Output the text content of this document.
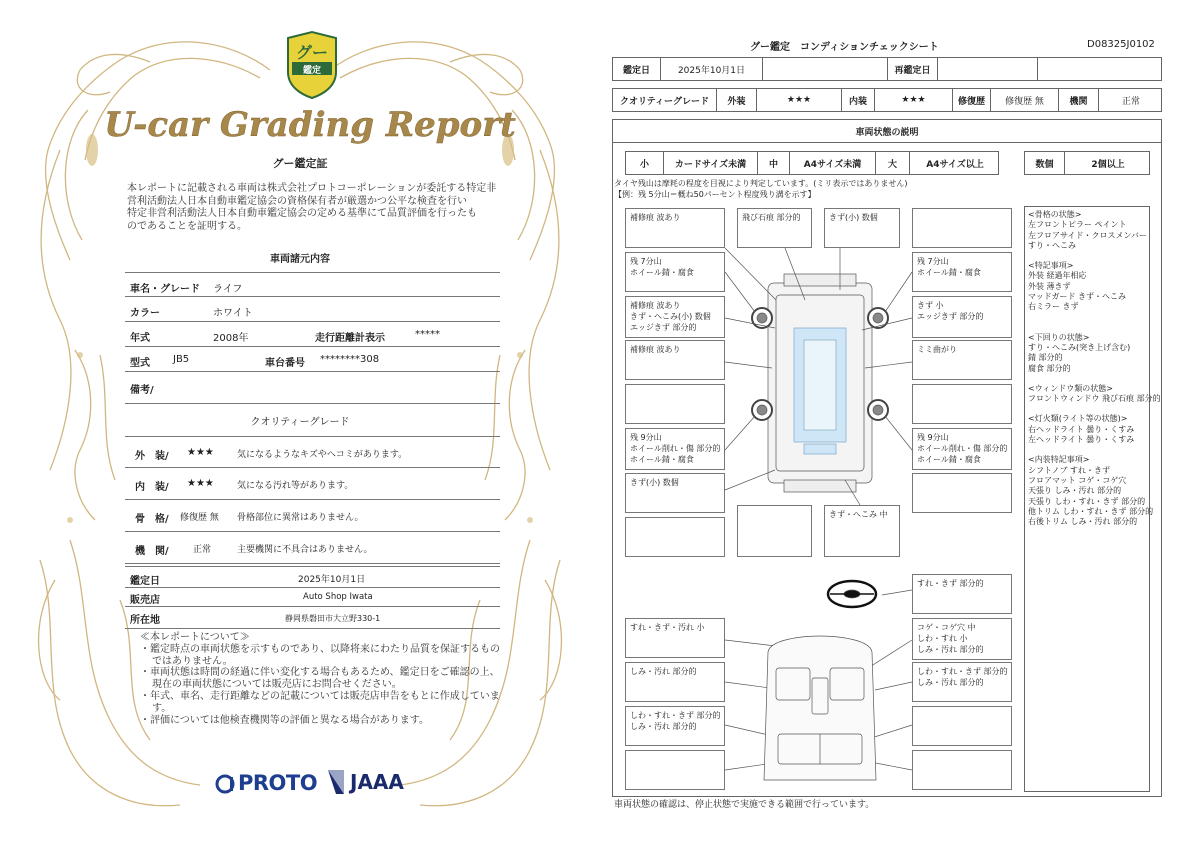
グー
鑑定
U-car Grading Report
グー鑑定証
本レポートに記載される車両は株式会社プロトコーポレーションが委託する特定非
営利活動法人日本自動車鑑定協会の資格保有者が厳選かつ公平な検査を行い
特定非営利活動法人日本自動車鑑定協会の定める基準にて品質評価を行ったも
のであることを証明する。
車両諸元内容
車名・グレード ライフ
カラー	ホワイト
年式	2008年	走行距離計表示	*****
型式 JB5	車台番号 ********308
備考/
クオリティーグレード
外　装/ ★★★	気になるようなキズやヘコミがあります。
内　装/ ★★★	気になる汚れ等があります。
骨　格/ 修復歴 無 骨格部位に異常はありません。
機　関/	正常	主要機関に不具合はありません。
鑑定日	2025年10月1日
販売店	Auto Shop Iwata
所在地	静岡県磐田市大立野330-1
≪本レポートについて≫
・鑑定時点の車両状態を示すものであり、以降将来にわたり品質を保証するものではありません。
・車両状態は時間の経過に伴い変化する場合もあるため、鑑定日をご確認の上、現在の車両状態については販売店にお問合せください。
・年式、車名、走行距離などの記載については販売店申告をもとに作成しています。
・評価については他検査機関等の評価と異なる場合があります。
PROTO JAAA
グー鑑定　コンディションチェックシート	D08325J0102
鑑定日	2025年10月1日	再鑑定日
クオリティーグレード	外装	★★★	内装	★★★	修復歴	修復歴 無	機関	正常
車両状態の説明
小	カードサイズ未満	中	A4サイズ未満	大	A4サイズ以上	数個	2個以上
タイヤ残山は摩耗の程度を目視により判定しています。(ミリ表示ではありません)
【例：残 5分山＝概ね50パーセント程度残り溝を示す】
補修痕 波あり	飛び石痕 部分的	きず(小) 数個
残 7分山
ホイール錆・腐食
残 7分山
ホイール錆・腐食
補修痕 波あり
きず・へこみ(小) 数個
エッジきず 部分的
きず 小
エッジきず 部分的
補修痕 波あり	ミミ曲がり
残 9分山
ホイール削れ・傷 部分的
ホイール錆・腐食
残 9分山
ホイール削れ・傷 部分的
ホイール錆・腐食
きず(小) 数個
きず・へこみ 中
すれ・きず 部分的
すれ・きず・汚れ 小	コゲ・コゲ穴 中
しわ・すれ 小
しみ・汚れ 部分的
しみ・汚れ 部分的	しわ・すれ・きず 部分的
しみ・汚れ 部分的
しわ・すれ・きず 部分的
しみ・汚れ 部分的
<骨格の状態>
左フロントピラー ペイント
左フロアサイド・クロスメンバー
すり・へこみ
<特記事項>
外装 経過年相応
外装 薄きず
マッドガード きず・へこみ
右ミラー きず
<下回りの状態>
すり・へこみ(突き上げ含む)
錆 部分的
腐食 部分的
<ウィンドウ類の状態>
フロントウィンドウ 飛び石痕 部分的
<灯火類(ライト等の状態)>
右ヘッドライト 曇り・くすみ
左ヘッドライト 曇り・くすみ
<内装特記事項>
シフトノブ すれ・きず
フロアマット コゲ・コゲ穴
天張り しみ・汚れ 部分的
天張り しわ・すれ・きず 部分的
他トリム しわ・すれ・きず 部分的
右後トリム しみ・汚れ 部分的
車両状態の確認は、停止状態で実施できる範囲で行っています。
